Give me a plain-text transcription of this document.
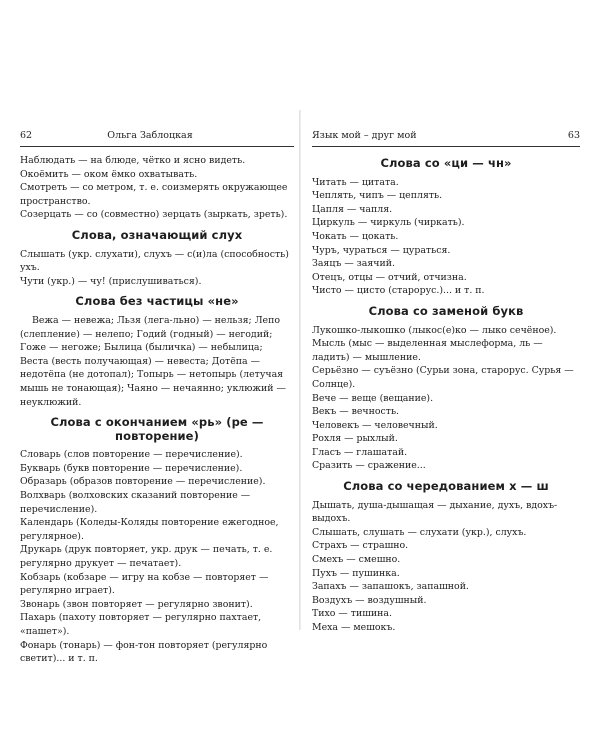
62	Ольга Заблоцкая

Наблюдать — на блюде, чётко и ясно видеть.

Окоёмить — оком ёмко охватывать.

Смотреть — со метром, т. е. соизмерять окружающее пространство.

Созерцать — со (совместно) зерцать (зыркать, зреть).

Слова, означающий слух

Слышать (укр. слухати), слухъ — с(и)ла (способность) ухъ.

Чути (укр.) — чу! (прислушиваться).

Слова без частицы «не»

Вежа — невежа; Льзя (лега-льно) — нельзя; Лепо (слепление) — нелепо; Годий (годный) — негодий; Гоже — негоже; Былица (быличка) — небылица; Веста (весть получающая) — невеста; Дотёпа — недотёпа (не дотопал); Топырь — нетопырь (летучая мышь не тонающая); Чаяно — нечаянно; уклюжий — неуклюжий.

Слова с окончанием «рь» (ре — повторение)

Словарь (слов повторение — перечисление).

Букварь (букв повторение — перечисление).

Образарь (образов повторение — перечисление).

Волхварь (волховских сказаний повторение — перечисление).

Календарь (Коледы-Коляды повторение ежегодное, регулярное).

Друкарь (друк повторяет, укр. друк — печать, т. е. регулярно друкует — печатает).

Кобзарь (кобзаре — игру на кобзе — повторяет — регулярно играет).

Звонарь (звон повторяет — регулярно звонит).

Пахарь (пахоту повторяет — регулярно пахтает, «пашет»).

Фонарь (тонарь) — фон-тон повторяет (регулярно светит)... и т. п.

Язык мой – друг мой	63
Слова со «ци — чн»

Читать — цитата.

Чеплять, чипъ — цеплять.

Цапля — чапля.

Циркуль — чиркуль (чиркать).

Чокать — цокать.

Чуръ, чураться — цураться.

Заяцъ — заячий.

Отецъ, отцы — отчий, отчизна.

Чисто — цисто (старорус.)... и т. п.

Слова со заменой букв

Лукошко-лыкошко (лыкос(е)ко — лыко сечёное).

Мысль (мыс — выделенная мыслеформа, ль — ладить) — мышление.

Серьёзно — суъёзно (Сурьи зона, старорус. Сурья — Солнце).

Вече — веще (вещание).

Векъ — вечность.

Человекъ — человечный.

Рохля — рыхлый.

Гласъ — глашатай.

Сразить — сражение...

Слова со чередованием х — ш

Дышать, душа-дышащая — дыхание, духъ, вдохъ-выдохъ.

Слышать, слушать — слухати (укр.), слухъ.

Страхъ — страшно.

Смехъ — смешно.

Пухъ — пушинка.

Запахъ — запашокъ, запашной.

Воздухъ — воздушный.

Тихо — тишина.

Меха — мешокъ.
